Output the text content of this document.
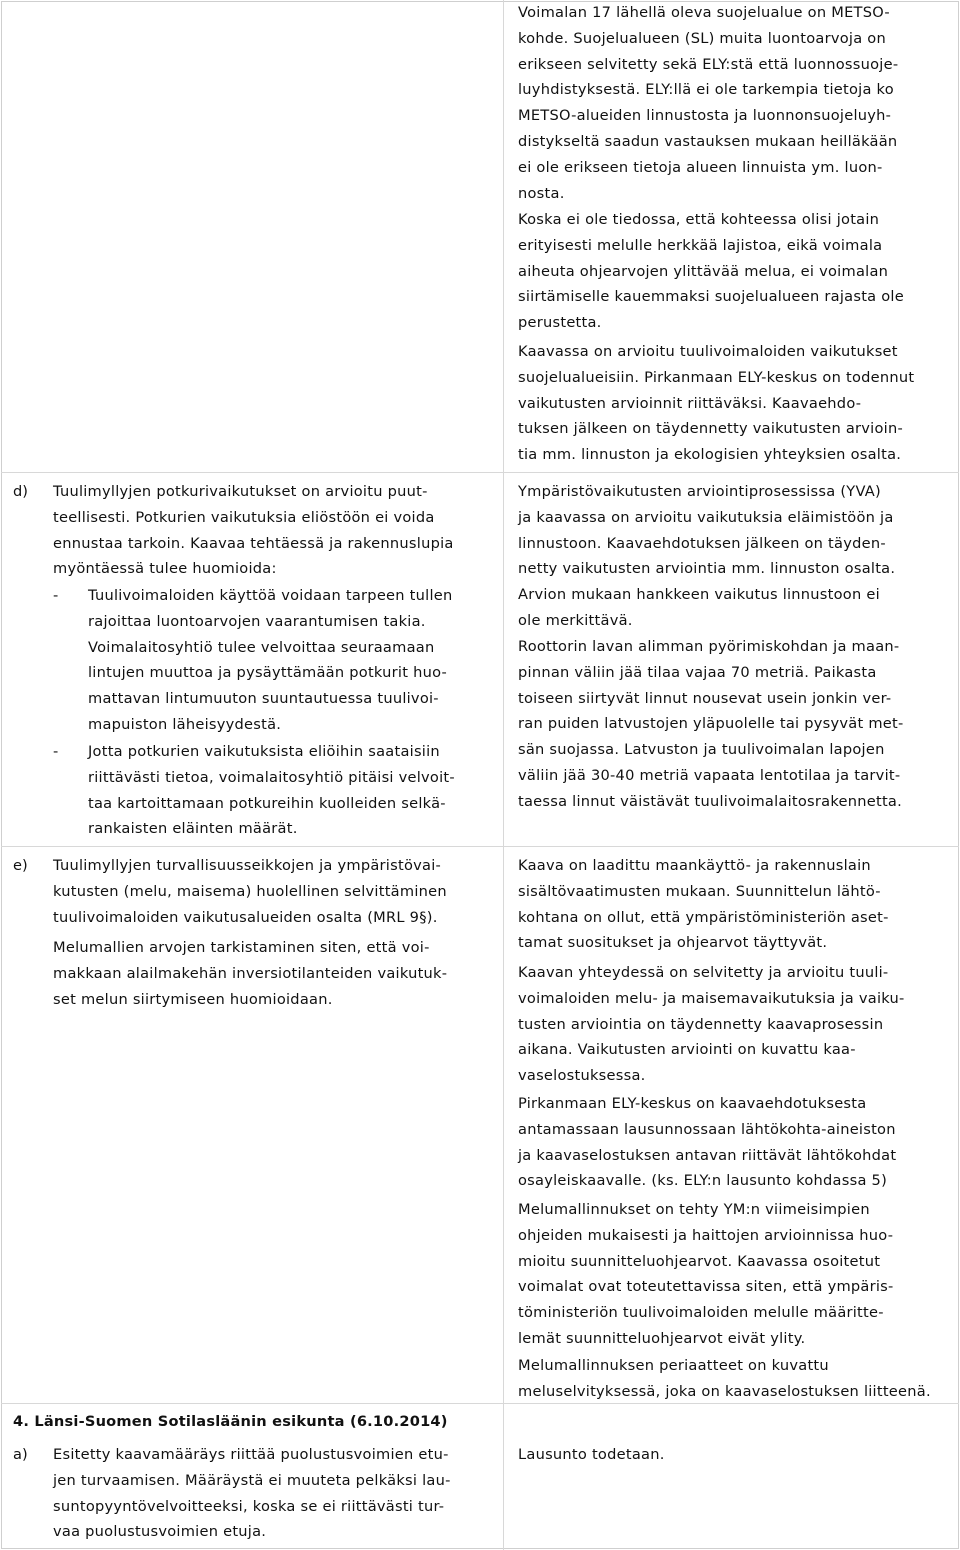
Voimalan 17 lähellä oleva suojelualue on METSO-
kohde. Suojelualueen (SL) muita luontoarvoja on
erikseen selvitetty sekä ELY:stä että luonnossuoje-
luyhdistyksestä. ELY:llä ei ole tarkempia tietoja ko
METSO-alueiden linnustosta ja luonnonsuojeluyh-
distykseltä saadun vastauksen mukaan heilläkään
ei ole erikseen tietoja alueen linnuista ym. luon-
nosta.

Koska ei ole tiedossa, että kohteessa olisi jotain
erityisesti melulle herkkää lajistoa, eikä voimala
aiheuta ohjearvojen ylittävää melua, ei voimalan
siirtämiselle kauemmaksi suojelualueen rajasta ole
perustetta.

Kaavassa on arvioitu tuulivoimaloiden vaikutukset
suojelualueisiin. Pirkanmaan ELY-keskus on todennut vaikutusten arvioinnit riittäväksi. Kaavaehdo-
tuksen jälkeen on täydennetty vaikutusten arvioin-
tia mm. linnuston ja ekologisien yhteyksien osalta.

d) Tuulimyllyjen potkurivaikutukset on arvioitu puut-
teellisesti. Potkurien vaikutuksia eliöstöön ei voida
ennustaa tarkoin. Kaavaa tehtäessä ja rakennuslupia
myöntäessä tulee huomioida:

- Tuulivoimaloiden käyttöä voidaan tarpeen tullen
rajoittaa luontoarvojen vaarantumisen takia.
Voimalaitosyhtiö tulee velvoittaa seuraamaan
lintujen muuttoa ja pysäyttämään potkurit huo-
mattavan lintumuuton suuntautuessa tuulivoi-
mapuiston läheisyydestä.

- Jotta potkurien vaikutuksista eliöihin saataisiin
riittävästi tietoa, voimalaitosyhtiö pitäisi velvoit-
taa kartoittamaan potkureihin kuolleiden selkä-
rankaisten eläinten määrät.

Ympäristövaikutusten arviointiprosessissa (YVA)
ja kaavassa on arvioitu vaikutuksia eläimistöön ja
linnustoon. Kaavaehdotuksen jälkeen on täyden-
netty vaikutusten arviointia mm. linnuston osalta.
Arvion mukaan hankkeen vaikutus linnustoon ei
ole merkittävä.

Roottorin lavan alimman pyörimiskohdan ja maan-
pinnan väliin jää tilaa vajaa 70 metriä. Paikasta
toiseen siirtyvät linnut nousevat usein jonkin ver-
ran puiden latvustojen yläpuolelle tai pysyvät met-
sän suojassa. Latvuston ja tuulivoimalan lapojen
väliin jää 30-40 metriä vapaata lentotilaa ja tarvit-
taessa linnut väistävät tuulivoimalaitosrakennetta.

e) Tuulimyllyjen turvallisuusseikkojen ja ympäristövai-
kutusten (melu, maisema) huolellinen selvittäminen
tuulivoimaloiden vaikutusalueiden osalta (MRL 9§).

Melumallien arvojen tarkistaminen siten, että voi-
makkaan alailmakehän inversiotilanteiden vaikutuk-
set melun siirtymiseen huomioidaan.

Kaava on laadittu maankäyttö- ja rakennuslain
sisältövaatimusten mukaan. Suunnittelun lähtö-
kohtana on ollut, että ympäristöministeriön aset-
tamat suositukset ja ohjearvot täyttyvät.

Kaavan yhteydessä on selvitetty ja arvioitu tuuli-
voimaloiden melu- ja maisemavaikutuksia ja vaiku-
tusten arviointia on täydennetty kaavaprosessin
aikana. Vaikutusten arviointi on kuvattu kaa-
vaselostuksessa.

Pirkanmaan ELY-keskus on kaavaehdotuksesta
antamassaan lausunnossaan lähtökohta-aineiston
ja kaavaselostuksen antavan riittävät lähtökohdat
osayleiskaavalle. (ks. ELY:n lausunto kohdassa 5)

Melumallinnukset on tehty YM:n viimeisimpien
ohjeiden mukaisesti ja haittojen arvioinnissa huo-
mioitu suunnitteluohjearvot. Kaavassa osoitetut
voimalat ovat toteutettavissa siten, että ympäris-
töministeriön tuulivoimaloiden melulle määritte-
lemät suunnitteluohjearvot eivät ylity.

Melumallinnuksen periaatteet on kuvattu meluselvityksessä, joka on kaavaselostuksen liitteenä.

4. Länsi-Suomen Sotilasläänin esikunta (6.10.2014)
a) Esitetty kaavamääräys riittää puolustusvoimien etu-
jen turvaamisen. Määräystä ei muuteta pelkäksi lau-
suntopyyntövelvoitteeksi, koska se ei riittävästi tur-
vaa puolustusvoimien etuja.

Lausunto todetaan.
